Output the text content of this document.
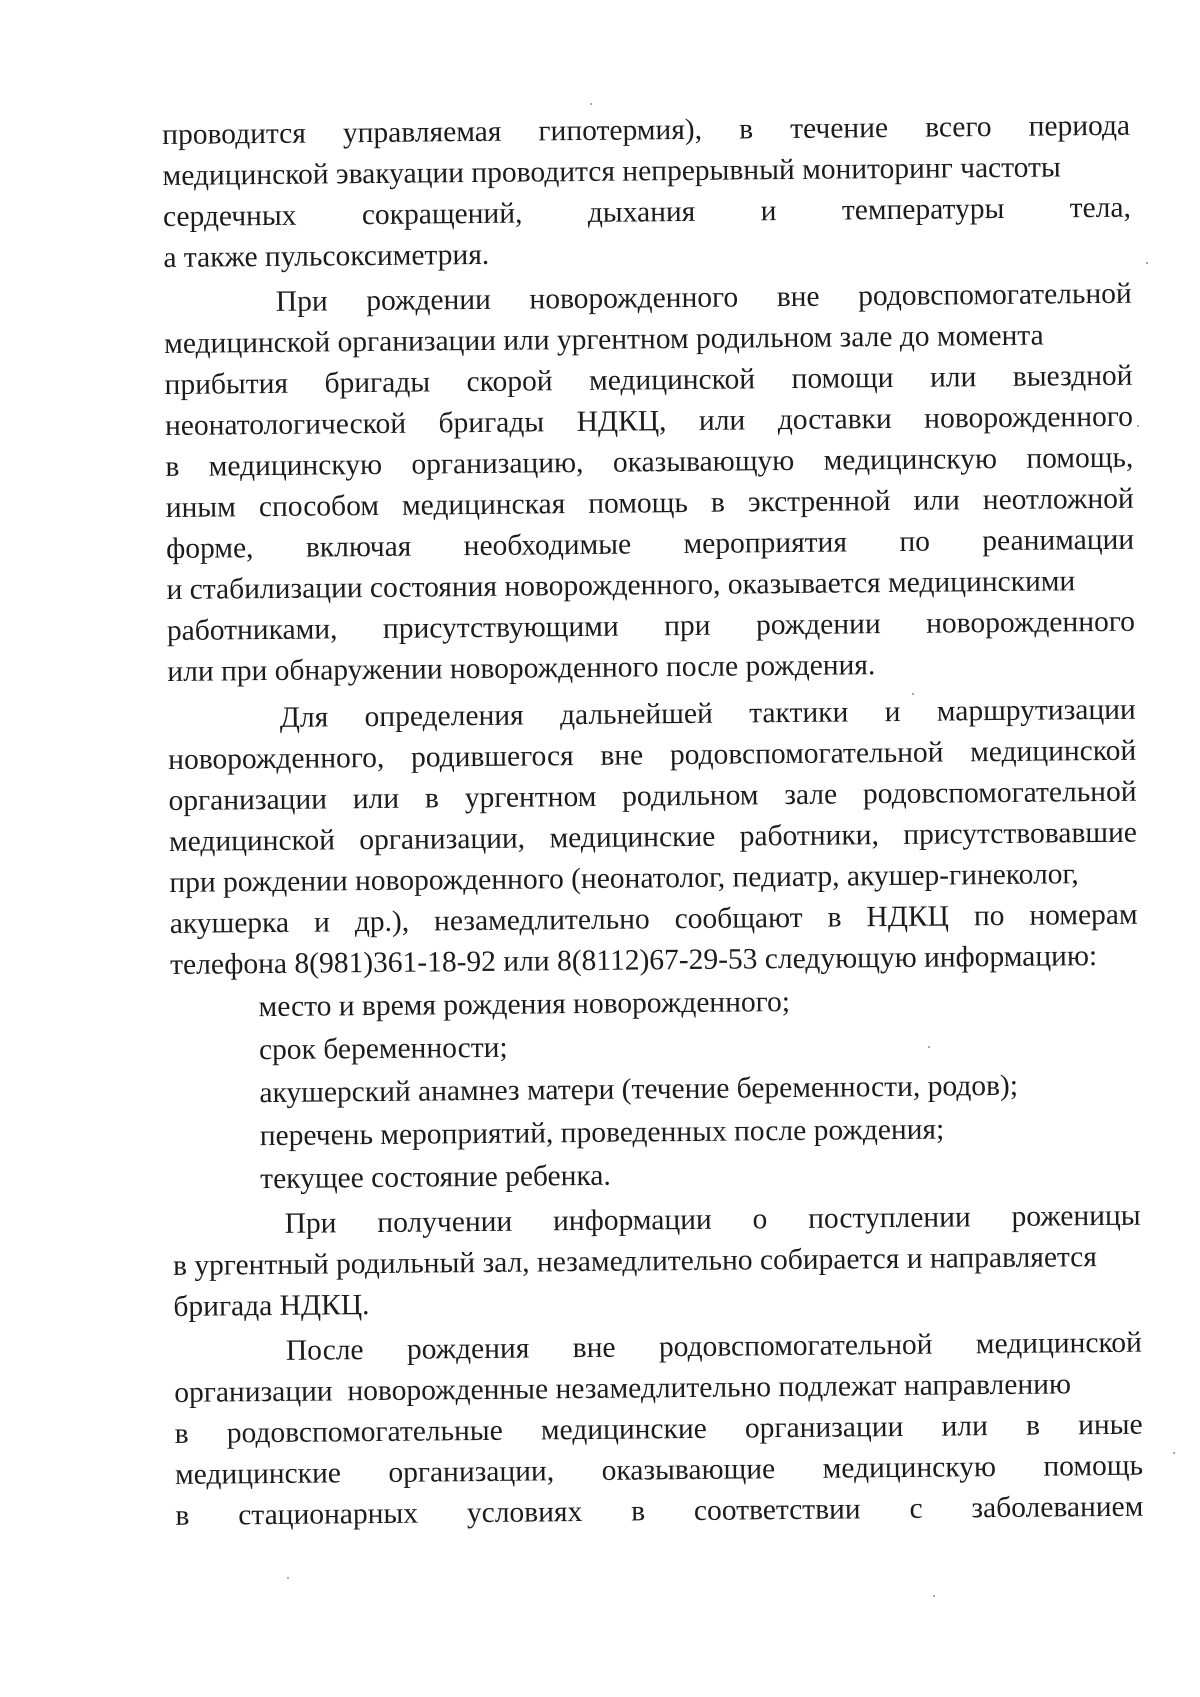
проводится управляемая гипотермия), в течение всего периода
медицинской эвакуации проводится непрерывный мониторинг частоты
сердечных сокращений, дыхания и температуры тела,
а также пульсоксиметрия.
При рождении новорожденного вне родовспомогательной
медицинской организации или ургентном родильном зале до момента
прибытия бригады скорой медицинской помощи или выездной
неонатологической бригады НДКЦ, или доставки новорожденного
в медицинскую организацию, оказывающую медицинскую помощь,
иным способом медицинская помощь в экстренной или неотложной
форме, включая необходимые мероприятия по реанимации
и стабилизации состояния новорожденного, оказывается медицинскими
работниками, присутствующими при рождении новорожденного
или при обнаружении новорожденного после рождения.
Для определения дальнейшей тактики и маршрутизации
новорожденного, родившегося вне родовспомогательной медицинской
организации или в ургентном родильном зале родовспомогательной
медицинской организации, медицинские работники, присутствовавшие
при рождении новорожденного (неонатолог, педиатр, акушер-гинеколог,
акушерка и др.), незамедлительно сообщают в НДКЦ по номерам
телефона 8(981)361-18-92 или 8(8112)67-29-53 следующую информацию:
место и время рождения новорожденного;
срок беременности;
акушерский анамнез матери (течение беременности, родов);
перечень мероприятий, проведенных после рождения;
текущее состояние ребенка.
При получении информации о поступлении роженицы
в ургентный родильный зал, незамедлительно собирается и направляется
бригада НДКЦ.
После рождения вне родовспомогательной медицинской
организации  новорожденные незамедлительно подлежат направлению
в родовспомогательные медицинские организации или в иные
медицинские организации, оказывающие медицинскую помощь
в стационарных условиях в соответствии с заболеванием
